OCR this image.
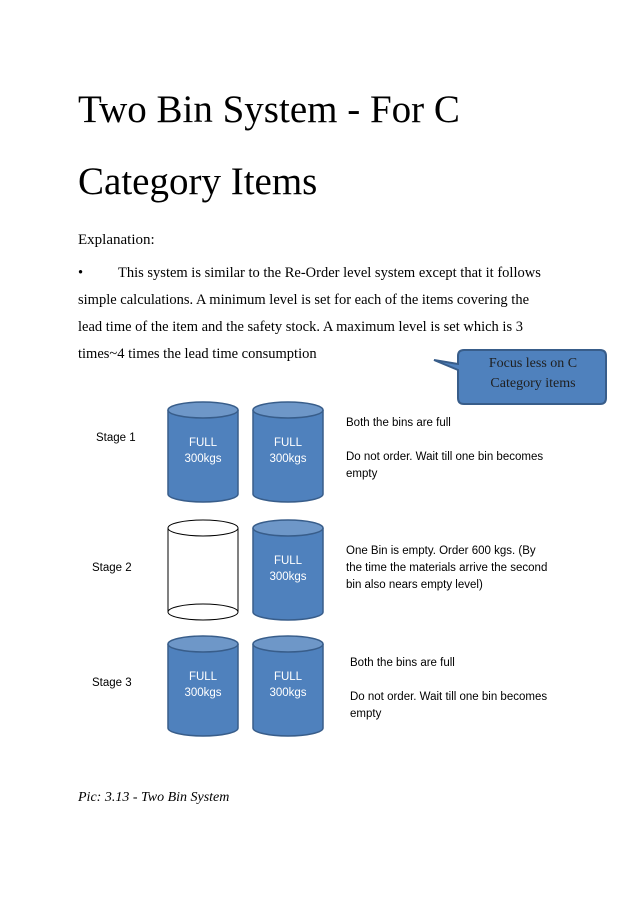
Two Bin System - For C Category Items
Explanation:
• This system is similar to the Re-Order level system except that it follows simple calculations. A minimum level is set for each of the items covering the lead time of the item and the safety stock. A maximum level is set which is 3 times~4 times the lead time consumption
Focus less on C
Category items
FULL
300kgs
FULL
300kgs
Stage 1

Both the bins are full

Do not order. Wait till one bin becomes empty

FULL
300kgs
Stage 2

One Bin is empty. Order 600 kgs. (By the time the materials arrive the second bin also nears empty level)

FULL
300kgs
FULL
300kgs
Stage 3

Both the bins are full

Do not order. Wait till one bin becomes empty

Pic: 3.13 - Two Bin System
